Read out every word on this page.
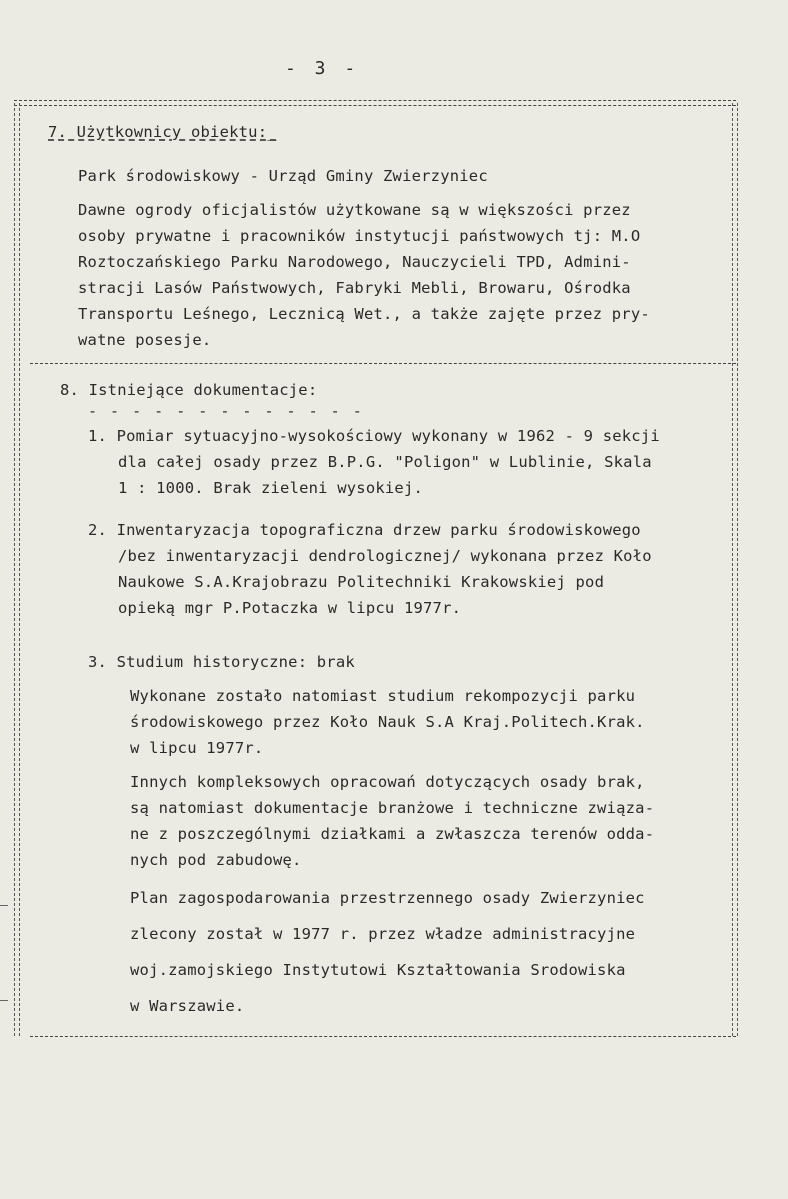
- 3 -
7. Użytkownicy obiektu:_
Park środowiskowy - Urząd Gminy Zwierzyniec
Dawne ogrody oficjalistów użytkowane są w większości przez
osoby prywatne i pracowników instytucji państwowych tj: M.O
Roztoczańskiego Parku Narodowego, Nauczycieli TPD, Admini-
stracji Lasów Państwowych, Fabryki Mebli, Browaru, Ośrodka
Transportu Leśnego, Lecznicą Wet., a także zajęte przez pry-
watne posesje.
8. Istniejące dokumentacje:
- - - - - - - - - - - - -
1. Pomiar sytuacyjno-wysokościowy wykonany w 1962 - 9 sekcji
dla całej osady przez B.P.G. "Poligon" w Lublinie, Skala
1 : 1000. Brak zieleni wysokiej.
2. Inwentaryzacja topograficzna drzew parku środowiskowego
/bez inwentaryzacji dendrologicznej/ wykonana przez Koło
Naukowe S.A.Krajobrazu Politechniki Krakowskiej pod
opieką mgr P.Potaczka w lipcu 1977r.
3. Studium historyczne: brak
Wykonane zostało natomiast studium rekompozycji parku
środowiskowego przez Koło Nauk S.A Kraj.Politech.Krak.
w lipcu 1977r.
Innych kompleksowych opracowań dotyczących osady brak,
są natomiast dokumentacje branżowe i techniczne związa-
ne z poszczególnymi działkami a zwłaszcza terenów odda-
nych pod zabudowę.
Plan zagospodarowania przestrzennego osady Zwierzyniec
zlecony został w 1977 r. przez władze administracyjne
woj.zamojskiego Instytutowi Kształtowania Srodowiska
w Warszawie.
